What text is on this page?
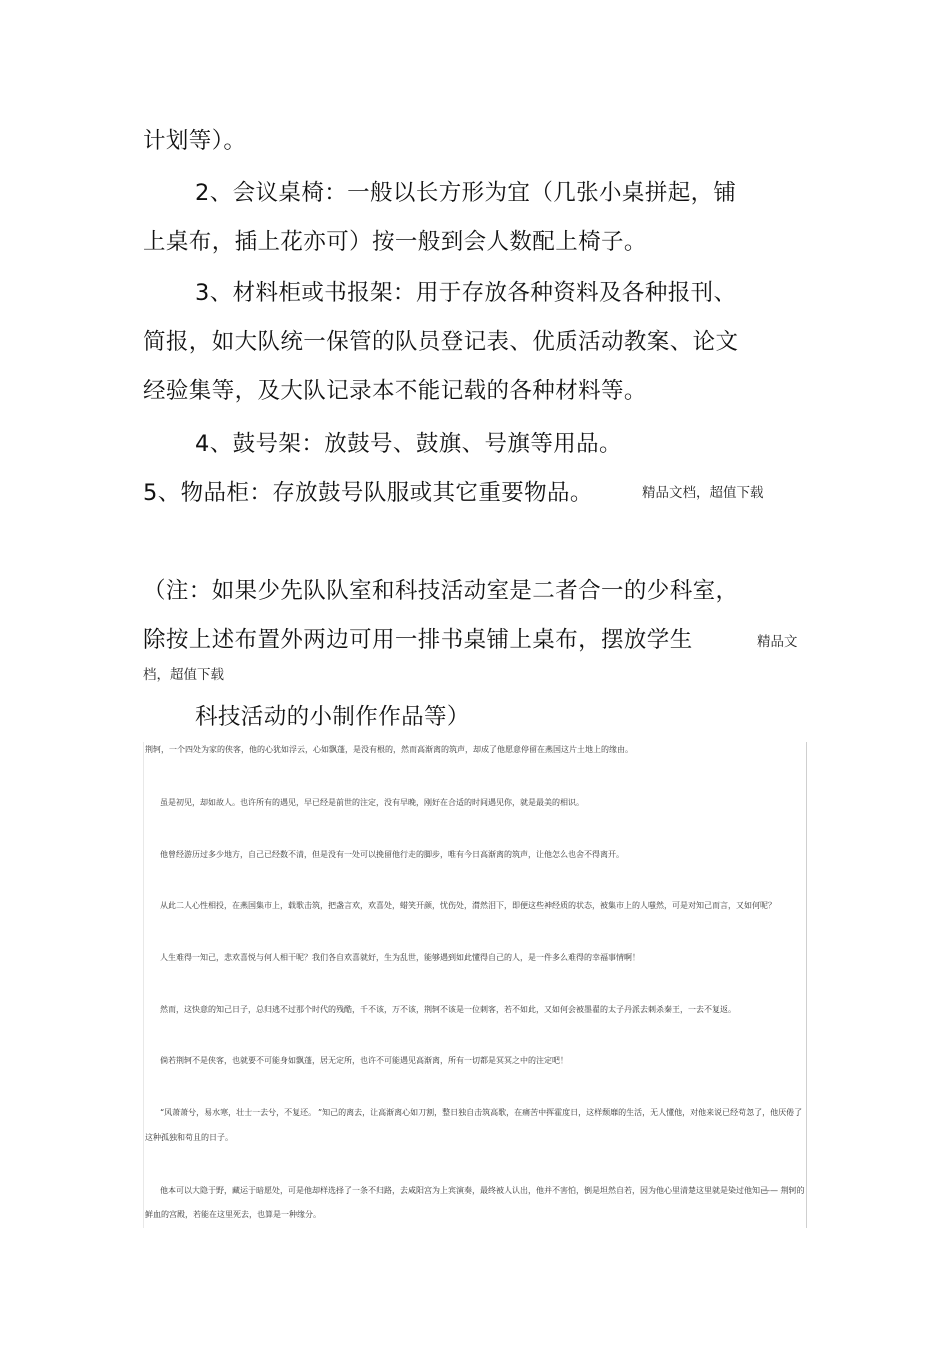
计划等）。
2、会议桌椅：一般以长方形为宜（几张小桌拼起，铺
上桌布，插上花亦可）按一般到会人数配上椅子。
3、材料柜或书报架：用于存放各种资料及各种报刊、
简报，如大队统一保管的队员登记表、优质活动教案、论文
经验集等，及大队记录本不能记载的各种材料等。
4、鼓号架：放鼓号、鼓旗、号旗等用品。
5、物品柜：存放鼓号队服或其它重要物品。	精品文档，超值下载
（注：如果少先队队室和科技活动室是二者合一的少科室，
除按上述布置外两边可用一排书桌铺上桌布，摆放学生	精品文
档，超值下载
科技活动的小制作作品等）
荆轲，一个四处为家的侠客，他的心犹如浮云，心如飘蓬，是没有根的，然而高渐离的筑声，却成了他愿意停留在燕国这片土地上的缘由。
虽是初见，却如故人。也许所有的遇见，早已经是前世的注定，没有早晚，刚好在合适的时间遇见你，就是最美的相识。
他曾经游历过多少地方，自己已经数不清，但是没有一处可以挽留他行走的脚步，唯有今日高渐离的筑声，让他怎么也舍不得离开。
从此二人心性相投，在燕国集市上，载歌击筑，把盏言欢，欢喜处，蜡笑开颜，忧伤处，潸然泪下，即便这些神经质的状态，被集市上的人嗤然，可是对知己而言，又如何呢？
人生难得一知己，悲欢喜悦与何人相干呢？我们各自欢喜就好，生为乱世，能够遇到如此懂得自己的人，是一件多么难得的幸福事情啊！
然而，这快意的知己日子，总归逃不过那个时代的残酷，千不该，万不该，荆轲不该是一位刺客，若不如此，又如何会被墨翟的太子丹派去刺杀秦王，一去不复返。
倘若荆轲不是侠客，也就要不可能身如飘蓬，居无定所，也许不可能遇见高渐离，所有一切都是冥冥之中的注定吧！
“风萧萧兮，易水寒，壮士一去兮，不复还。 ”知己的离去，让高渐离心如刀割，整日独自击筑高歌，在痛苦中挥霍度日，这样颓靡的生活，无人懂他，对他来说已经苟忽了，他厌倦了
这种孤独和苟且的日子。
他本可以大隐于野，藏运于暗愿处，可是他却样选择了一条不归路，去咸阳宫为上宾演奏，最终被人认出，他并不害怕，倒是坦然自若，因为他心里清楚这里就是染过他知己
—— 荆轲的
鲜血的宫殿，若能在这里死去，也算是一种缘分。
